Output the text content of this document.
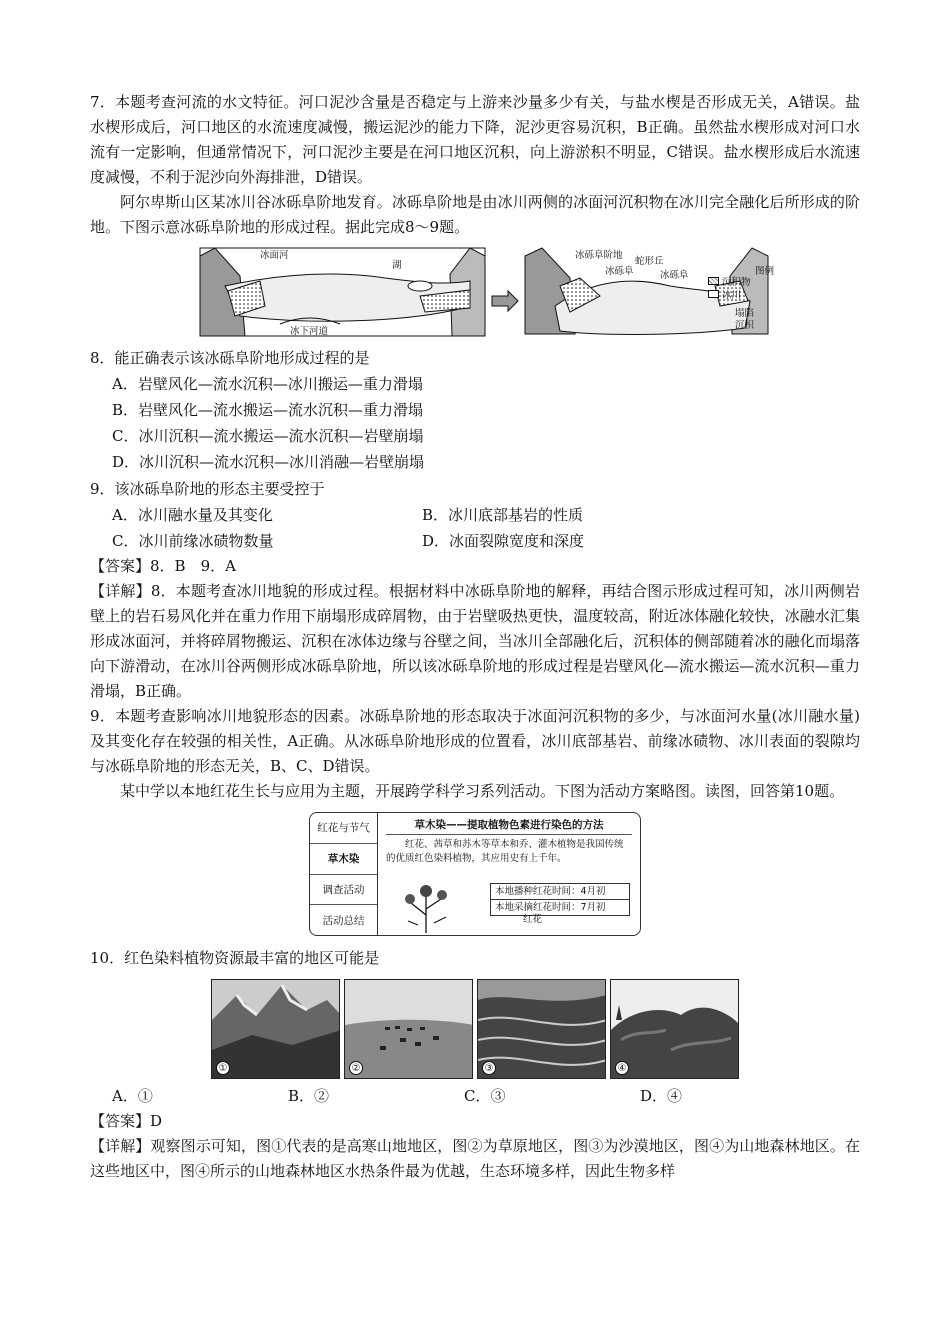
7．本题考查河流的水文特征。河口泥沙含量是否稳定与上游来沙量多少有关，与盐水楔是否形成无关，A错误。盐水楔形成后，河口地区的水流速度减慢，搬运泥沙的能力下降，泥沙更容易沉积，B正确。虽然盐水楔形成对河口水流有一定影响，但通常情况下，河口泥沙主要是在河口地区沉积，向上游淤积不明显，C错误。盐水楔形成后水流速度减慢，不利于泥沙向外海排泄，D错误。
阿尔卑斯山区某冰川谷冰砾阜阶地发育。冰砾阜阶地是由冰川两侧的冰面河沉积物在冰川完全融化后所形成的阶地。下图示意冰砾阜阶地的形成过程。据此完成8～9题。
冰面河
湖
冰下河道
冰砾阜阶地
蛇形丘
冰砾阜	冰砾阜
塌陷
沉积
图例
沉积物
冰川
8．能正确表示该冰砾阜阶地形成过程的是
A．岩壁风化—流水沉积—冰川搬运—重力滑塌
B．岩壁风化—流水搬运—流水沉积—重力滑塌
C．冰川沉积—流水搬运—流水沉积—岩壁崩塌
D．冰川沉积—流水沉积—冰川消融—岩壁崩塌
9．该冰砾阜阶地的形态主要受控于
A．冰川融水量及其变化	B．冰川底部基岩的性质
C．冰川前缘冰碛物数量	D．冰面裂隙宽度和深度
【答案】8．B　9．A
【详解】8．本题考查冰川地貌的形成过程。根据材料中冰砾阜阶地的解释，再结合图示形成过程可知，冰川两侧岩壁上的岩石易风化并在重力作用下崩塌形成碎屑物，由于岩壁吸热更快，温度较高，附近冰体融化较快，冰融水汇集形成冰面河，并将碎屑物搬运、沉积在冰体边缘与谷壁之间，当冰川全部融化后，沉积体的侧部随着冰的融化而塌落向下游滑动，在冰川谷两侧形成冰砾阜阶地，所以该冰砾阜阶地的形成过程是岩壁风化—流水搬运—流水沉积—重力滑塌，B正确。
9．本题考查影响冰川地貌形态的因素。冰砾阜阶地的形态取决于冰面河沉积物的多少，与冰面河水量(冰川融水量)及其变化存在较强的相关性，A正确。从冰砾阜阶地形成的位置看，冰川底部基岩、前缘冰碛物、冰川表面的裂隙均与冰砾阜阶地的形态无关，B、C、D错误。
某中学以本地红花生长与应用为主题，开展跨学科学习系列活动。下图为活动方案略图。读图，回答第10题。
红花与节气
草木染
调查活动
活动总结
草木染——提取植物色素进行染色的方法
红花、茜草和苏木等草本和乔、灌木植物是我国传统的优质红色染料植物，其应用史有上千年。
本地播种红花时间：4月初
本地采摘红花时间：7月初
红花
10．红色染料植物资源最丰富的地区可能是
①	②	③	④
A．①	B．②	C．③	D．④
【答案】D
【详解】观察图示可知，图①代表的是高寒山地地区，图②为草原地区，图③为沙漠地区，图④为山地森林地区。在这些地区中，图④所示的山地森林地区水热条件最为优越，生态环境多样，因此生物多样
